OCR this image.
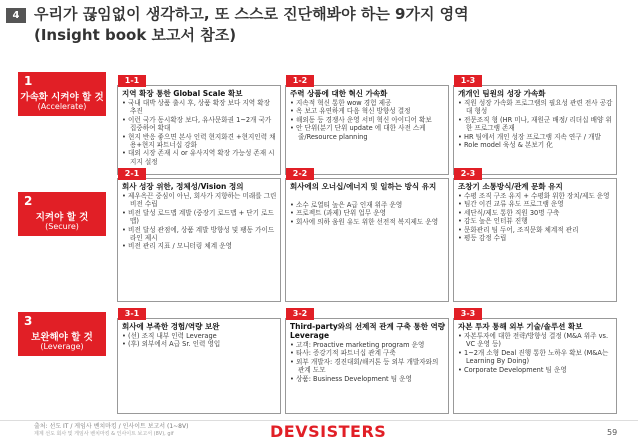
4 우리가 끊임없이 생각하고, 또 스스로 진단해봐야 하는 9가지 영역
(Insight book 보고서 참조)
1
가속화 시켜야 할 것
(Accelerate)
2
지켜야 할 것
(Secure)
3
보완해야 할 것
(Leverage)
1-1
지역 확장 통한 Global Scale 확보
• 국내 대박 상품 출시 후, 상품 확장 보다 지역 확장 추진
• 이런 국가 동시확장 보다, 유사문화권 1~2개 국가 집중하여 확대
• 현지 반응 좋으면 본사 인력 현지화견 +현지인력 채용+현지 파트너십 강화
• 대외 시장 존재 시 or 유사지역 확장 가능성 존재 시 지지 설정
1-2
주력 상품에 대한 혁신 가속화
• 지속적 혁신 통한 wow 경험 제공
• 옥 보고 유연하게 다음 혁신 방향성 결정
• 해외동 등 경쟁사 운영 서비 혁신 아이디어 확보
• 안 단위(분기 단위 update 에 대한 사전 스케줄/Resource planning
1-3
개개인 팀원의 성장 가속화
• 직원 성장 가속화 프로그램의 필요성 관련 전사 공감대 형성
• 전문조직 형 (HR 미나, 재원군 배정/ 리더십 배양 위한 프로그램 존재
• HR 팀에서 개인 성장 프로그램 지속 연구 / 개발
• Role model 육성 & 본보기 化
2-1
회사 성장 위한, 정체성/Vision 정의
• 제우옥끈 중심이 아닌, 회사가 지향하는 미래를 그린 비전 수립
• 비전 달성 로드맵 계발 (중장기 로드맵 + 단기 로드맵)
• 비전 달성 관점에, 상품 계발 방향성 및 팽동 가이드라인 제시
• 비전 관리 지표 / 모니터링 체계 운영
2-2
회사에의 오너십/에너지 및 일하는 방식 유지
• 소수 로열티 높은 A급 인재 위주 운영
• 프로젝트 (과제) 단위 업무 운영
• 회사에 의하 움원 유도 위한 선전적 복지제도 운영
2-3
조창기 소통방식/관계 문화 유지
• 수평 조직 구조 유지 + 수평화 위한 장치/제도 운영
• 팀간 이견 교류 유도 프로그램 운영
• 세단식/제도 통한 직원 30명 구축
• 감도 높은 인터뷰 진행
• 문화관리 팀 두어, 조직문화 체계적 관리
• 평등 감정 수립
3-1
회사에 부족한 경험/역량 보완
• (선) 조직 내부 인력 Leverage
• (후) 외부에서 A급 Sr. 인력 영입
3-2
Third-party와의 선제적 관계 구축 통한 역량 Leverage
• 고객: Proactive marketing program 운영
• 타사: 증강기적 파트너십 관계 구축
• 외부 개발자: 경진대회/해커톤 등 외부 개발자와의 관계 도모
• 상품: Business Development 팀 운영
3-3
자본 투자 통해 외부 기술/솔루션 확보
• 자본투자에 대한 전략/방향성 결정 (M&A 위주 vs. VC 운영 등)
• 1~2개 소형 Deal 진행 통한 노하우 확보 (M&A는 Learning By Doing)
• Corporate Development 팀 운영
출처: 선도 IT / 게임사 벤치마킹 / 인사이트 보고서 (1~8V)
제계 선도 회사 및 게임사 벤치마킹 & 인사이트 보고서 (8V), gif	DEVSISTERS	59
